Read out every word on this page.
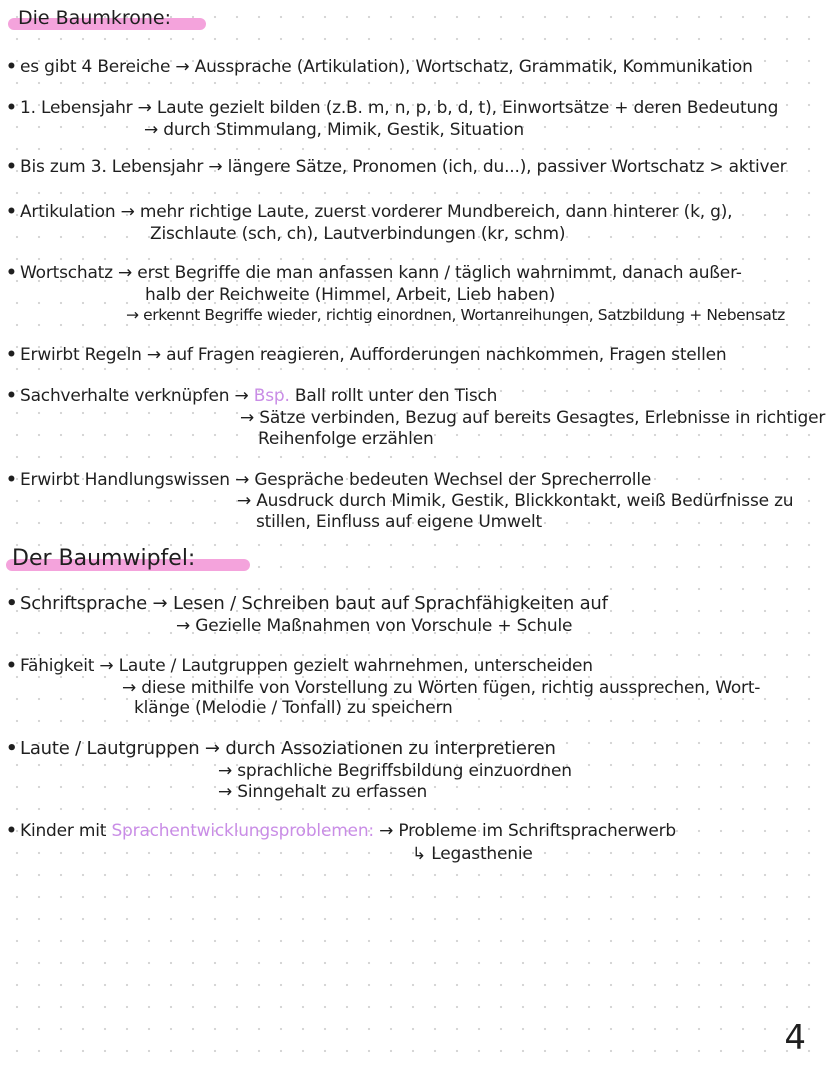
Die Baumkrone:
• es gibt 4 Bereiche → Aussprache (Artikulation), Wortschatz, Grammatik, Kommunikation
• 1. Lebensjahr → Laute gezielt bilden (z.B. m, n, p, b, d, t), Einwortsätze + deren Bedeutung
→ durch Stimmulang, Mimik, Gestik, Situation
• Bis zum 3. Lebensjahr → längere Sätze, Pronomen (ich, du...), passiver Wortschatz > aktiver
• Artikulation → mehr richtige Laute, zuerst vorderer Mundbereich, dann hinterer (k, g),
Zischlaute (sch, ch), Lautverbindungen (kr, schm)
• Wortschatz → erst Begriffe die man anfassen kann / täglich wahrnimmt, danach außer-
halb der Reichweite (Himmel, Arbeit, Lieb haben)
→ erkennt Begriffe wieder, richtig einordnen, Wortanreihungen, Satzbildung + Nebensatz
• Erwirbt Regeln → auf Fragen reagieren, Aufforderungen nachkommen, Fragen stellen
• Sachverhalte verknüpfen → Bsp. Ball rollt unter den Tisch
→ Sätze verbinden, Bezug auf bereits Gesagtes, Erlebnisse in richtiger
Reihenfolge erzählen
• Erwirbt Handlungswissen → Gespräche bedeuten Wechsel der Sprecherrolle
→ Ausdruck durch Mimik, Gestik, Blickkontakt, weiß Bedürfnisse zu
stillen, Einfluss auf eigene Umwelt
Der Baumwipfel:
• Schriftsprache → Lesen / Schreiben baut auf Sprachfähigkeiten auf
→ Gezielle Maßnahmen von Vorschule + Schule
• Fähigkeit → Laute / Lautgruppen gezielt wahrnehmen, unterscheiden
→ diese mithilfe von Vorstellung zu Wörten fügen, richtig aussprechen, Wort-
klänge (Melodie / Tonfall) zu speichern
• Laute / Lautgruppen → durch Assoziationen zu interpretieren
→ sprachliche Begriffsbildung einzuordnen
→ Sinngehalt zu erfassen
• Kinder mit Sprachentwicklungsproblemen: → Probleme im Schriftspracherwerb
↳ Legasthenie
4
